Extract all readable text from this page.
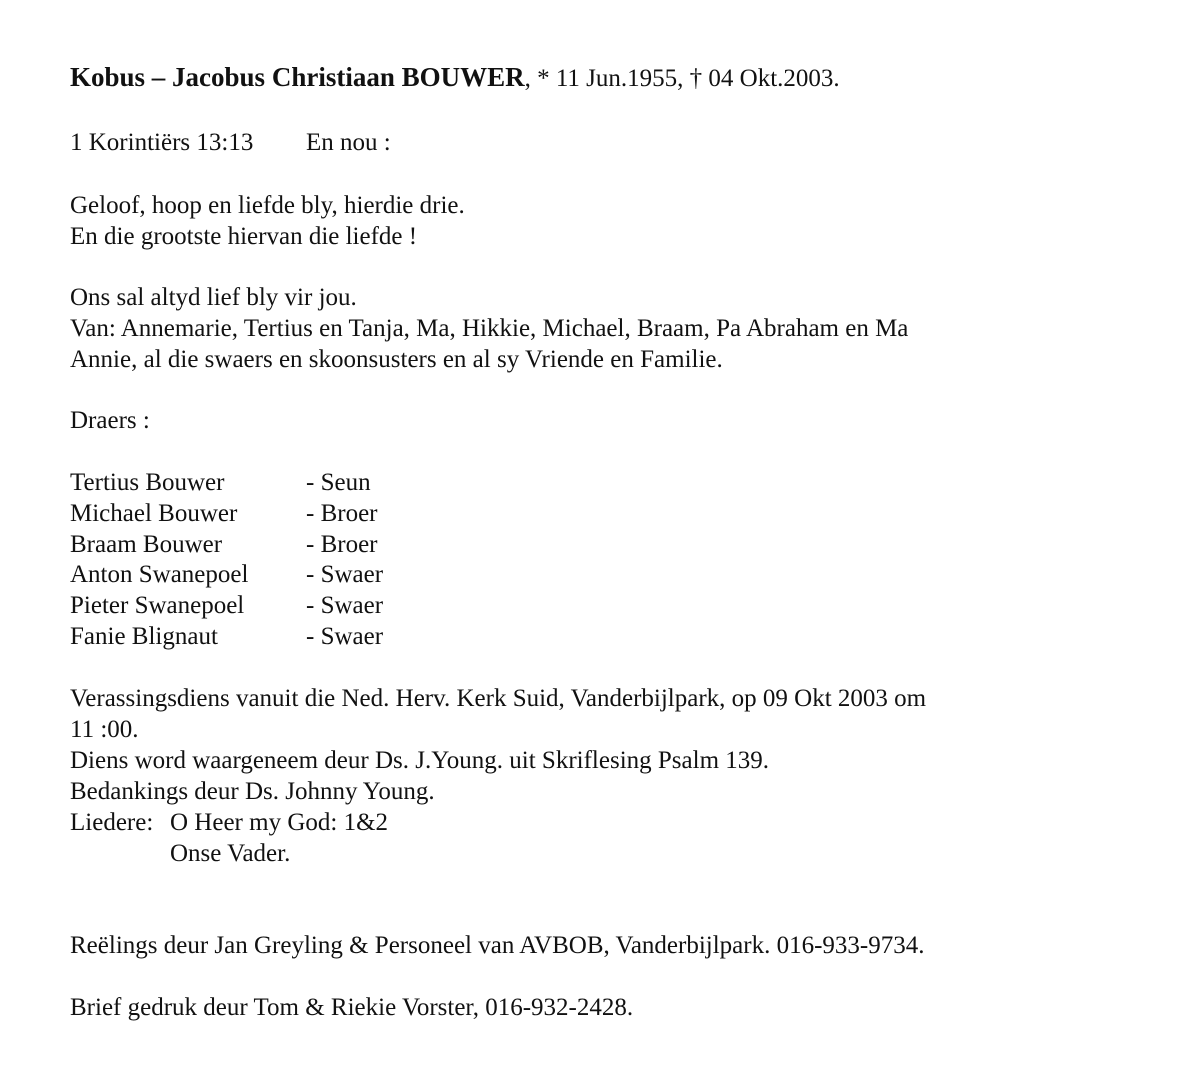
Kobus – Jacobus Christiaan BOUWER, * 11 Jun.1955, † 04 Okt.2003.
1 Korintiërs 13:13 En nou :
Geloof, hoop en liefde bly, hierdie drie.
En die grootste hiervan die liefde !
Ons sal altyd lief bly vir jou.
Van: Annemarie, Tertius en Tanja, Ma, Hikkie, Michael, Braam, Pa Abraham en Ma
Annie, al die swaers en skoonsusters en al sy Vriende en Familie.
Draers :
Tertius Bouwer	- Seun
Michael Bouwer	- Broer
Braam Bouwer	- Broer
Anton Swanepoel - Swaer
Pieter Swanepoel - Swaer
Fanie Blignaut	- Swaer
Verassingsdiens vanuit die Ned. Herv. Kerk Suid, Vanderbijlpark, op 09 Okt 2003 om
11 :00.
Diens word waargeneem deur Ds. J.Young. uit Skriflesing Psalm 139.
Bedankings deur Ds. Johnny Young.
Liedere: O Heer my God: 1&2
Onse Vader.
Reëlings deur Jan Greyling & Personeel van AVBOB, Vanderbijlpark. 016-933-9734.
Brief gedruk deur Tom & Riekie Vorster, 016-932-2428.
